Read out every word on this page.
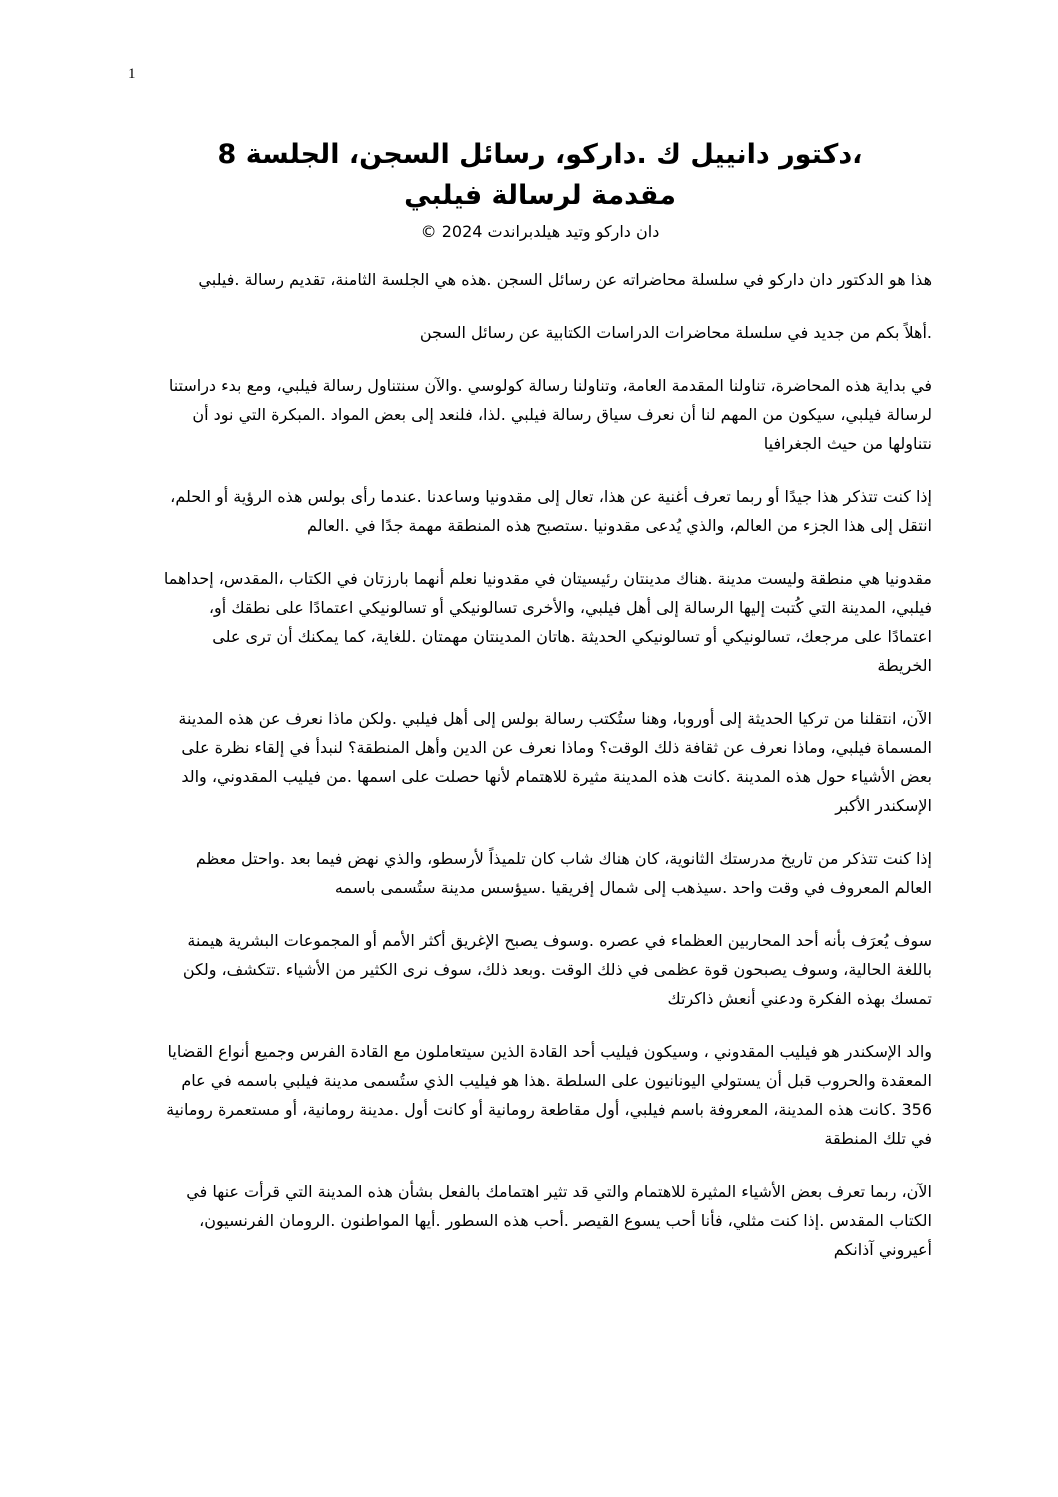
1
،دكتور دانييل ك .داركو، رسائل السجن، الجلسة 8
مقدمة لرسالة فيلبي
دان داركو وتيد هيلدبراندت 2024 ©

هذا هو الدكتور دان داركو في سلسلة محاضراته عن رسائل السجن .هذه هي الجلسة الثامنة، تقديم رسالة .فيلبي

.أهلاً بكم من جديد في سلسلة محاضرات الدراسات الكتابية عن رسائل السجن

في بداية هذه المحاضرة، تناولنا المقدمة العامة، وتناولنا رسالة كولوسي .والآن سنتناول رسالة فيلبي، ومع بدء دراستنا لرسالة فيلبي، سيكون من المهم لنا أن نعرف سياق رسالة فيلبي .لذا، فلنعد إلى بعض المواد .المبكرة التي نود أن نتناولها من حيث الجغرافيا

إذا كنت تتذكر هذا جيدًا أو ربما تعرف أغنية عن هذا، تعال إلى مقدونيا وساعدنا .عندما رأى بولس هذه الرؤية أو الحلم، انتقل إلى هذا الجزء من العالم، والذي يُدعى مقدونيا .ستصبح هذه المنطقة مهمة جدًا في .العالم

مقدونيا هي منطقة وليست مدينة .هناك مدينتان رئيسيتان في مقدونيا نعلم أنهما بارزتان في الكتاب ،المقدس، إحداهما فيلبي، المدينة التي كُتبت إليها الرسالة إلى أهل فيلبي، والأخرى تسالونيكي أو تسالونيكي اعتمادًا على نطقك أو، اعتمادًا على مرجعك، تسالونيكي أو تسالونيكي الحديثة .هاتان المدينتان مهمتان .للغاية، كما يمكنك أن ترى على الخريطة

الآن، انتقلنا من تركيا الحديثة إلى أوروبا، وهنا ستُكتب رسالة بولس إلى أهل فيلبي .ولكن ماذا نعرف عن هذه المدينة المسماة فيلبي، وماذا نعرف عن ثقافة ذلك الوقت؟ وماذا نعرف عن الدين وأهل المنطقة؟ لنبدأ في إلقاء نظرة على بعض الأشياء حول هذه المدينة .كانت هذه المدينة مثيرة للاهتمام لأنها حصلت على اسمها .من فيليب المقدوني، والد الإسكندر الأكبر

إذا كنت تتذكر من تاريخ مدرستك الثانوية، كان هناك شاب كان تلميذاً لأرسطو، والذي نهض فيما بعد .واحتل معظم العالم المعروف في وقت واحد .سيذهب إلى شمال إفريقيا .سيؤسس مدينة ستُسمى باسمه

سوف يُعرَف بأنه أحد المحاربين العظماء في عصره .وسوف يصبح الإغريق أكثر الأمم أو المجموعات البشرية هيمنة باللغة الحالية، وسوف يصبحون قوة عظمى في ذلك الوقت .وبعد ذلك، سوف نرى الكثير من الأشياء .تتكشف، ولكن تمسك بهذه الفكرة ودعني أنعش ذاكرتك

والد الإسكندر هو فيليب المقدوني ، وسيكون فيليب أحد القادة الذين سيتعاملون مع القادة الفرس وجميع أنواع القضايا المعقدة والحروب قبل أن يستولي اليونانيون على السلطة .هذا هو فيليب الذي ستُسمى مدينة فيلبي باسمه في عام 356 .كانت هذه المدينة، المعروفة باسم فيلبي، أول مقاطعة رومانية أو كانت أول .مدينة رومانية، أو مستعمرة رومانية في تلك المنطقة

الآن، ربما تعرف بعض الأشياء المثيرة للاهتمام والتي قد تثير اهتمامك بالفعل بشأن هذه المدينة التي قرأت عنها في الكتاب المقدس .إذا كنت مثلي، فأنا أحب يسوع القيصر .أحب هذه السطور .أيها المواطنون .الرومان الفرنسيون، أعيروني آذانكم
